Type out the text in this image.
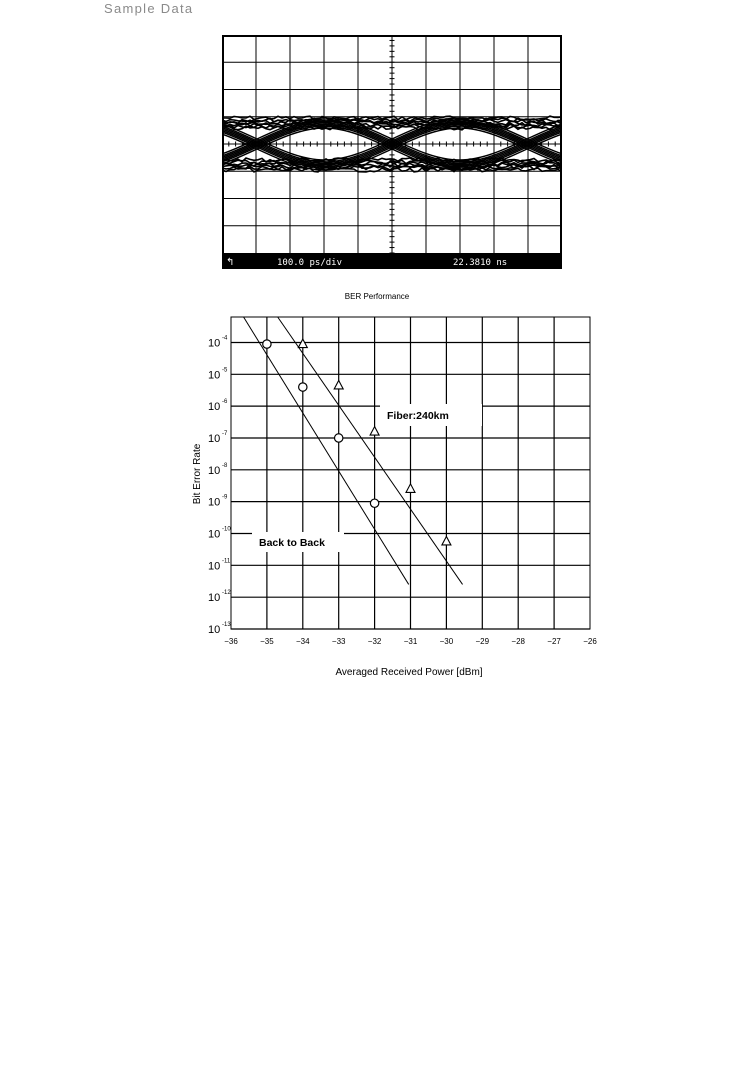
Sample Data
↰	100.0 ps/div	22.3810 ns
BER Performance
−36	−35	−34	−33	−32	−31	−30	−29	−28	−27	−26
10 -4
10 -5
10 -6
10 -7
10 -8
10 -9
10 -10
10 -11
10 -12
10 -13
Fiber:240km
Back to Back
Averaged Received Power [dBm]
Bit Error Rate
